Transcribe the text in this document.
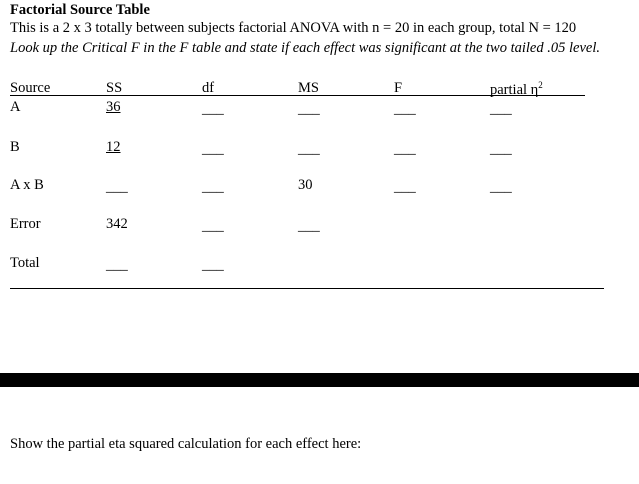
Factorial Source Table
This is a 2 x 3 totally between subjects factorial ANOVA with n = 20 in each group, total N = 120
Look up the Critical F in the F table and state if each effect was significant at the two tailed .05 level.
Source	SS	df	MS	F	partial $\eta^2$
A	36	___	___	___	___
B	12	___	___	___	___
A x B	___	___	30	___	___
Error	342	___	___
Total	___	___
Show the partial eta squared calculation for each effect here:
